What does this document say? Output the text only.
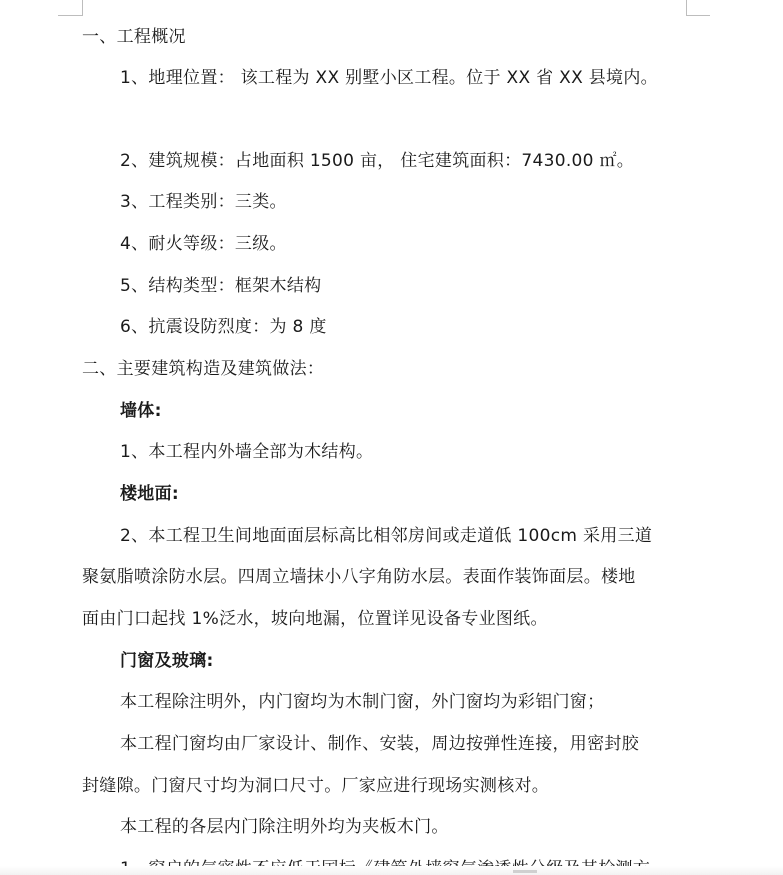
一、工程概况
1、地理位置： 该工程为 XX 别墅小区工程。位于 XX 省 XX 县境内。
2、建筑规模：占地面积 1500 亩， 住宅建筑面积：7430.00 ㎡。
3、工程类别：三类。
4、耐火等级：三级。
5、结构类型：框架木结构
6、抗震设防烈度：为 8 度
二、主要建筑构造及建筑做法：
墙体:
1、本工程内外墙全部为木结构。
楼地面:
2、本工程卫生间地面面层标高比相邻房间或走道低 100cm 采用三道
聚氨脂喷涂防水层。四周立墙抹小八字角防水层。表面作装饰面层。楼地
面由门口起找 1%泛水，坡向地漏，位置详见设备专业图纸。
门窗及玻璃:
本工程除注明外，内门窗均为木制门窗，外门窗均为彩铝门窗；
本工程门窗均由厂家设计、制作、安装，周边按弹性连接，用密封胶
封缝隙。门窗尺寸均为洞口尺寸。厂家应进行现场实测核对。
本工程的各层内门除注明外均为夹板木门。
